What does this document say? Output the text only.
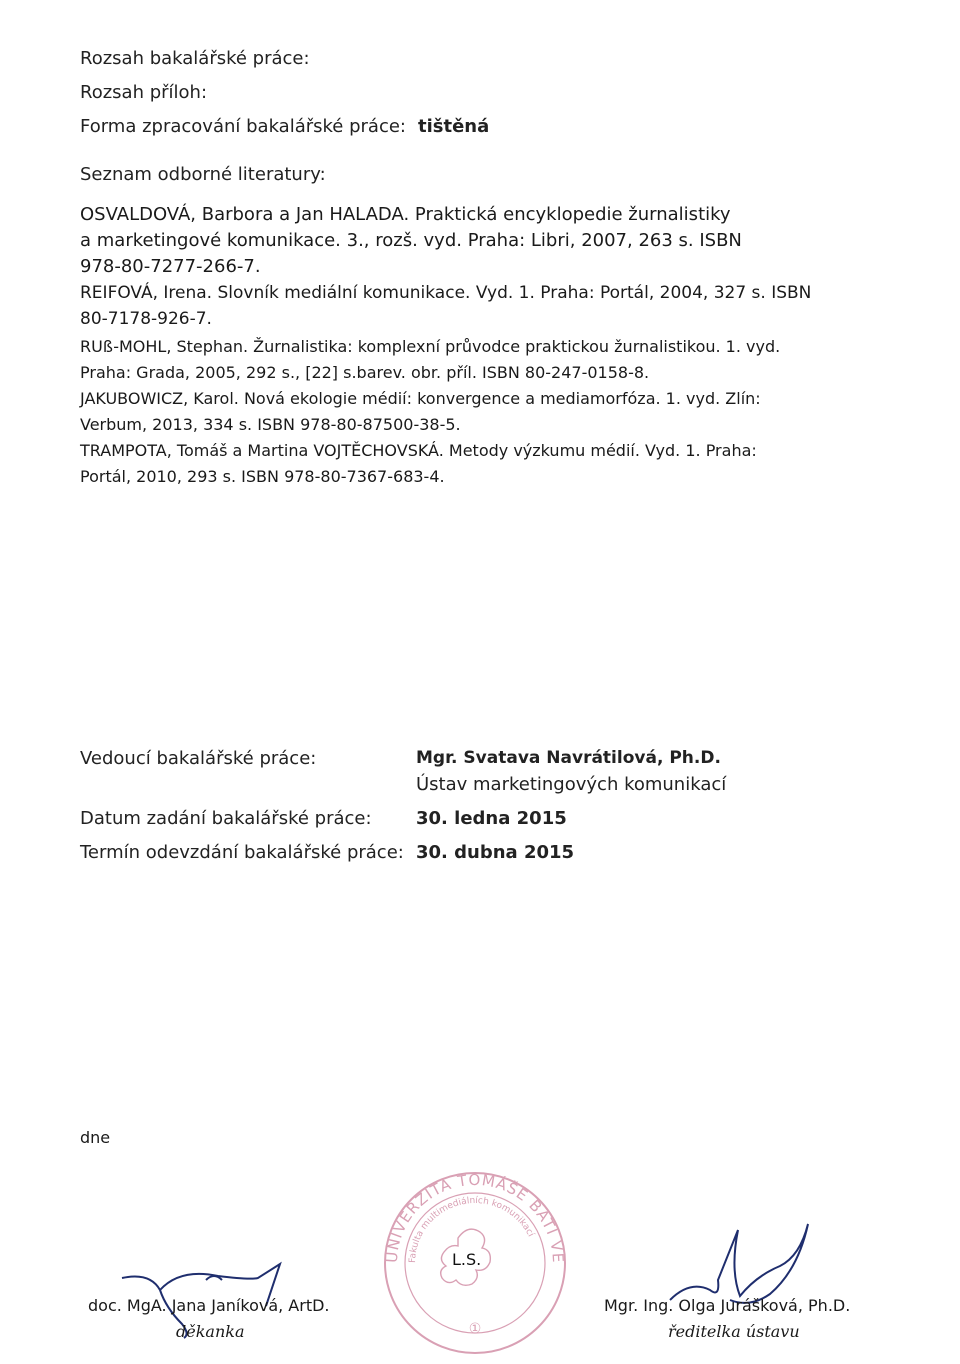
Rozsah bakalářské práce:
Rozsah příloh:
Forma zpracování bakalářské práce: tištěná
Seznam odborné literatury:
OSVALDOVÁ, Barbora a Jan HALADA. Praktická encyklopedie žurnalistiky
a marketingové komunikace. 3., rozš. vyd. Praha: Libri, 2007, 263 s. ISBN
978-80-7277-266-7.
REIFOVÁ, Irena. Slovník mediální komunikace. Vyd. 1. Praha: Portál, 2004, 327 s. ISBN
80-7178-926-7.
RUß-MOHL, Stephan. Žurnalistika: komplexní průvodce praktickou žurnalistikou. 1. vyd.
Praha: Grada, 2005, 292 s., [22] s.barev. obr. příl. ISBN 80-247-0158-8.
JAKUBOWICZ, Karol. Nová ekologie médií: konvergence a mediamorfóza. 1. vyd. Zlín:
Verbum, 2013, 334 s. ISBN 978-80-87500-38-5.
TRAMPOTA, Tomáš a Martina VOJTĚCHOVSKÁ. Metody výzkumu médií. Vyd. 1. Praha:
Portál, 2010, 293 s. ISBN 978-80-7367-683-4.
Vedoucí bakalářské práce:	Mgr. Svatava Navrátilová, Ph.D.
Ústav marketingových komunikací
Datum zadání bakalářské práce: 30. ledna 2015
Termín odevzdání bakalářské práce: 30. dubna 2015
dne
UNIVERZITA TOMÁŠE BATI VE ZLÍNĚ
Fakulta multimediálních komunikací
①
L.S.
doc. MgA. Jana Janíková, ArtD.
děkanka
Mgr. Ing. Olga Jurášková, Ph.D.
ředitelka ústavu
